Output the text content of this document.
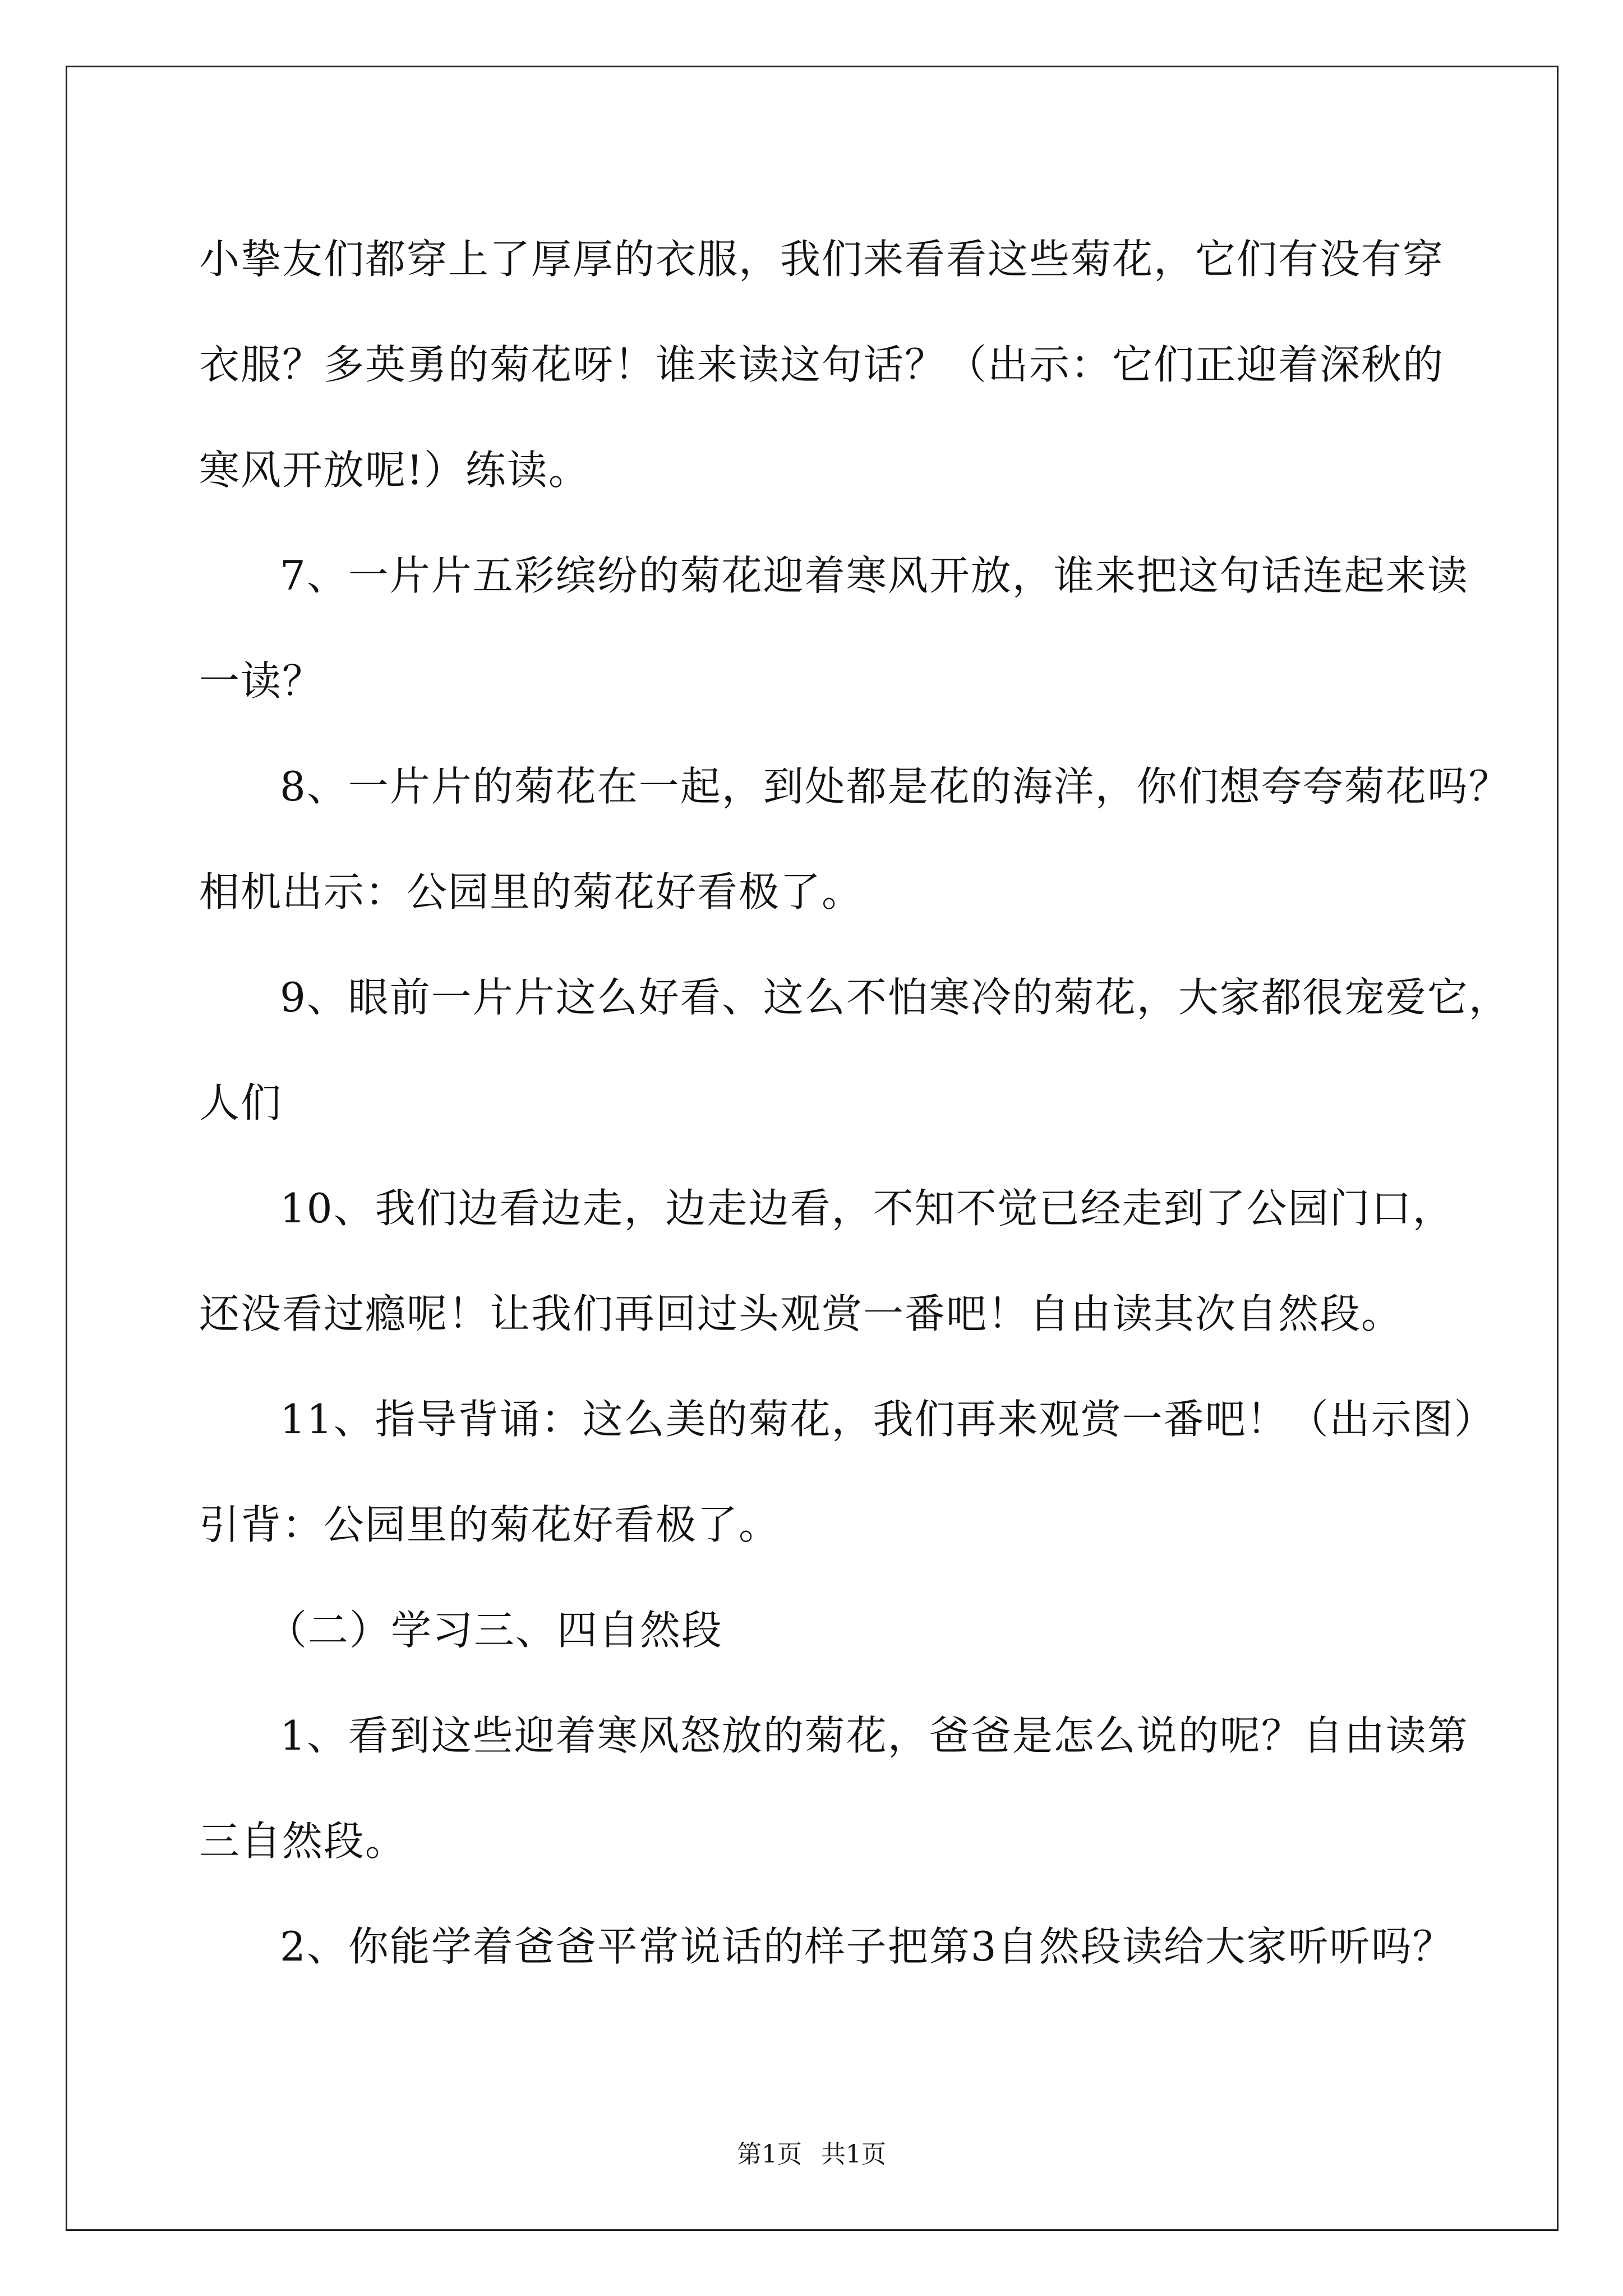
小挚友们都穿上了厚厚的衣服，我们来看看这些菊花，它们有没有穿

衣服？多英勇的菊花呀！谁来读这句话？（出示：它们正迎着深秋的

寒风开放呢!）练读。

7、一片片五彩缤纷的菊花迎着寒风开放，谁来把这句话连起来读

一读？

8、一片片的菊花在一起，到处都是花的海洋，你们想夸夸菊花吗？

相机出示：公园里的菊花好看极了。

9、眼前一片片这么好看、这么不怕寒冷的菊花，大家都很宠爱它，

人们

10、我们边看边走，边走边看，不知不觉已经走到了公园门口，

还没看过瘾呢！让我们再回过头观赏一番吧！自由读其次自然段。

11、指导背诵：这么美的菊花，我们再来观赏一番吧！（出示图）

引背：公园里的菊花好看极了。

（二）学习三、四自然段

1、看到这些迎着寒风怒放的菊花，爸爸是怎么说的呢？自由读第

三自然段。

2、你能学着爸爸平常说话的样子把第3自然段读给大家听听吗？

第1页 共1页
